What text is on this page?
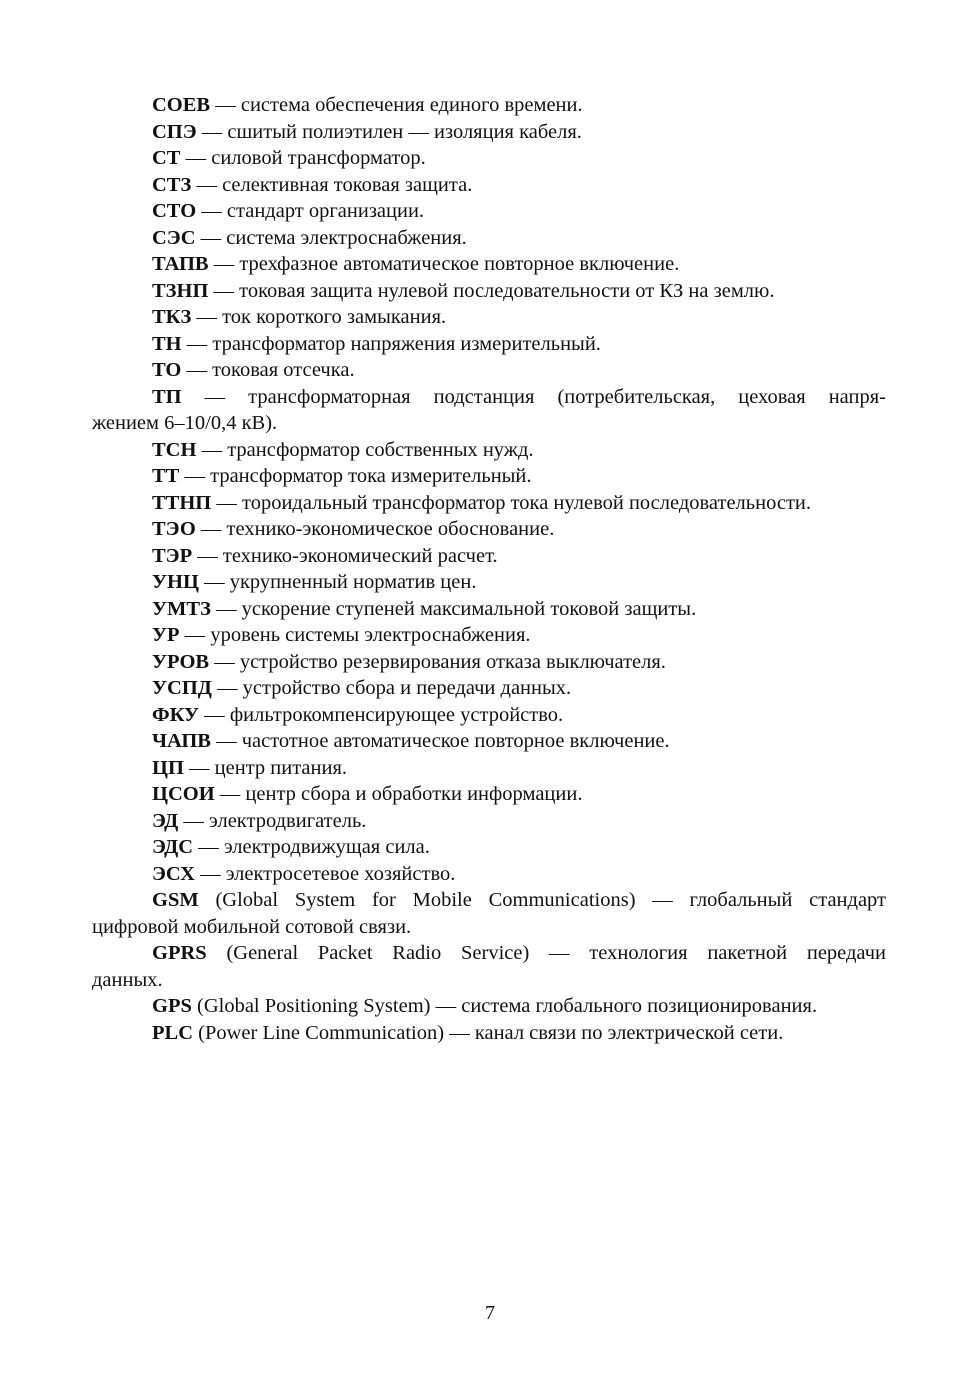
СОЕВ — система обеспечения единого времени.

СПЭ — сшитый полиэтилен — изоляция кабеля.

СТ — силовой трансформатор.

СТЗ — селективная токовая защита.

СТО — стандарт организации.

СЭС — система электроснабжения.

ТАПВ — трехфазное автоматическое повторное включение.

ТЗНП — токовая защита нулевой последовательности от КЗ на землю.

ТКЗ — ток короткого замыкания.

ТН — трансформатор напряжения измерительный.

ТО — токовая отсечка.

ТП — трансформаторная подстанция (потребительская, цеховая напря-
жением 6–10/0,4 кВ).

ТСН — трансформатор собственных нужд.

ТТ — трансформатор тока измерительный.

ТТНП — тороидальный трансформатор тока нулевой последовательности.

ТЭО — технико-экономическое обоснование.

ТЭР — технико-экономический расчет.

УНЦ — укрупненный норматив цен.

УМТЗ — ускорение ступеней максимальной токовой защиты.

УР — уровень системы электроснабжения.

УРОВ — устройство резервирования отказа выключателя.

УСПД — устройство сбора и передачи данных.

ФКУ — фильтрокомпенсирующее устройство.

ЧАПВ — частотное автоматическое повторное включение.

ЦП — центр питания.

ЦСОИ — центр сбора и обработки информации.

ЭД — электродвигатель.

ЭДС — электродвижущая сила.

ЭСХ — электросетевое хозяйство.

GSM (Global System for Mobile Communications) — глобальный стандарт
цифровой мобильной сотовой связи.

GPRS (General Packet Radio Service) — технология пакетной передачи
данных.

GPS (Global Positioning System) — система глобального позиционирования.

PLC (Power Line Communication) — канал связи по электрической сети.

7
